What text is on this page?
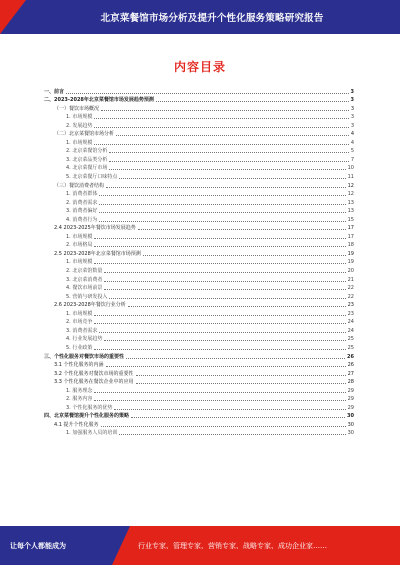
北京菜餐馆市场分析及提升个性化服务策略研究报告
内容目录
一、前言	3
二、2023-2028年北京菜餐馆市场发展趋势预测	3
（一）餐饮市场概况	3
1. 市场规模	3
2. 发展趋势	3
（二）北京菜餐馆市场分析	4
1. 市场规模	4
2. 北京菜餐馆分析	5
3. 北京菜品类分析	7
4. 北京菜餐厅市场	10
5. 北京菜餐厅口味特点	11
（三）餐饮消费者结构	12
1. 消费者群体	12
2. 消费者需求	13
3. 消费者偏好	13
4. 消费者行为	15
2.4 2023-2025年餐饮市场发展趋势	17
1. 市场规模	17
2. 市场格局	18
2.5 2023-2028年北京菜餐馆市场预测	19
1. 市场规模	19
2. 北京菜馆数量	20
3. 北京菜消费者	21
4. 餐饮市场前景	22
5. 营销与研发投入	22
2.6 2023-2028年餐饮行业分析	23
1. 市场规模	23
2. 市场竞争	24
3. 消费者需求	24
4. 行业发展趋势	25
5. 行业政策	25
三、个性化服务对餐饮市场的重要性	26
3.1 个性化服务的内涵	26
3.2 个性化服务对餐饮市场的重要性	27
3.3 个性化服务在餐饮企业中的应用	28
1. 服务理念	29
2. 服务内容	29
3. 个性化服务的优势	29
四、北京菜餐馆提升个性化服务的策略	30
4.1 提升个性化服务	30
1. 加强服务人员的培训	30
让每个人都能成为	行业专家、管理专家、营销专家、战略专家、成功企业家……
